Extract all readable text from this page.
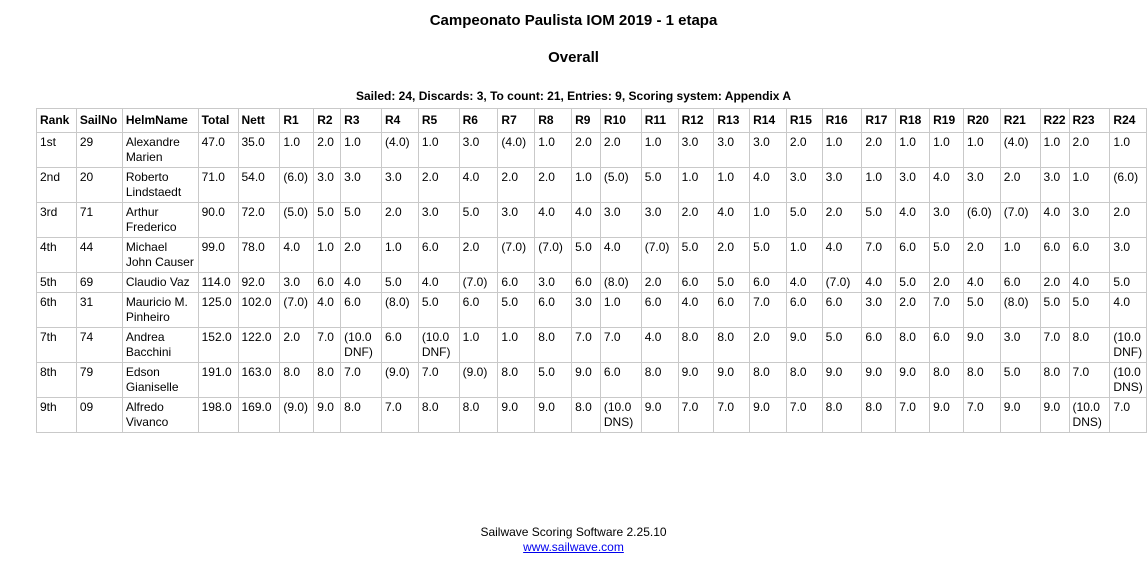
Campeonato Paulista IOM 2019 - 1 etapa
Overall

Sailed: 24, Discards: 3, To count: 21, Entries: 9, Scoring system: Appendix A

Rank	SailNo	HelmName	Total	Nett	R1	R2	R3	R4	R5	R6	R7	R8	R9	R10	R11	R12	R13	R14	R15	R16	R17	R18	R19	R20	R21	R22	R23	R24
1st	29	Alexandre Marien	47.0	35.0	1.0	2.0	1.0	(4.0)	1.0	3.0	(4.0)	1.0	2.0	2.0	1.0	3.0	3.0	3.0	2.0	1.0	2.0	1.0	1.0	1.0	(4.0)	1.0	2.0	1.0
2nd	20	Roberto Lindstaedt	71.0	54.0	(6.0)	3.0	3.0	3.0	2.0	4.0	2.0	2.0	1.0	(5.0)	5.0	1.0	1.0	4.0	3.0	3.0	1.0	3.0	4.0	3.0	2.0	3.0	1.0	(6.0)
3rd	71	Arthur Frederico	90.0	72.0	(5.0)	5.0	5.0	2.0	3.0	5.0	3.0	4.0	4.0	3.0	3.0	2.0	4.0	1.0	5.0	2.0	5.0	4.0	3.0	(6.0)	(7.0)	4.0	3.0	2.0
4th	44	Michael John Causer	99.0	78.0	4.0	1.0	2.0	1.0	6.0	2.0	(7.0)	(7.0)	5.0	4.0	(7.0)	5.0	2.0	5.0	1.0	4.0	7.0	6.0	5.0	2.0	1.0	6.0	6.0	3.0
5th	69	Claudio Vaz	114.0	92.0	3.0	6.0	4.0	5.0	4.0	(7.0)	6.0	3.0	6.0	(8.0)	2.0	6.0	5.0	6.0	4.0	(7.0)	4.0	5.0	2.0	4.0	6.0	2.0	4.0	5.0
6th	31	Mauricio M. Pinheiro	125.0	102.0	(7.0)	4.0	6.0	(8.0)	5.0	6.0	5.0	6.0	3.0	1.0	6.0	4.0	6.0	7.0	6.0	6.0	3.0	2.0	7.0	5.0	(8.0)	5.0	5.0	4.0
7th	74	Andrea Bacchini	152.0	122.0	2.0	7.0	(10.0 DNF)	6.0	(10.0 DNF)	1.0	1.0	8.0	7.0	7.0	4.0	8.0	8.0	2.0	9.0	5.0	6.0	8.0	6.0	9.0	3.0	7.0	8.0	(10.0 DNF)
8th	79	Edson Gianiselle	191.0	163.0	8.0	8.0	7.0	(9.0)	7.0	(9.0)	8.0	5.0	9.0	6.0	8.0	9.0	9.0	8.0	8.0	9.0	9.0	9.0	8.0	8.0	5.0	8.0	7.0	(10.0 DNS)
9th	09	Alfredo Vivanco	198.0	169.0	(9.0)	9.0	8.0	7.0	8.0	8.0	9.0	9.0	8.0	(10.0 DNS)	9.0	7.0	7.0	9.0	7.0	8.0	8.0	7.0	9.0	7.0	9.0	9.0	(10.0 DNS)	7.0
Sailwave Scoring Software 2.25.10
www.sailwave.com
